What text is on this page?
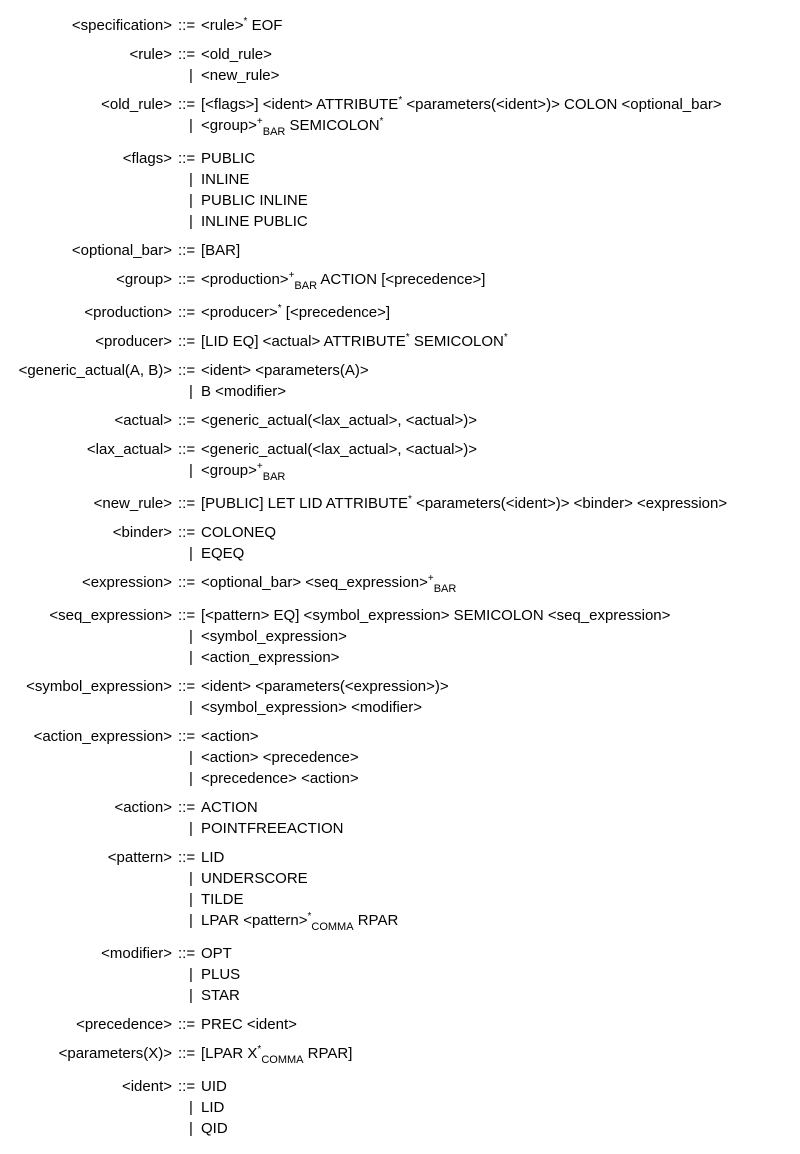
<specification> ::= <rule>* EOF
<rule> ::= <old_rule>
| <new_rule>
<old_rule> ::= [<flags>] <ident> ATTRIBUTE* <parameters(<ident>)> COLON <optional_bar>
| $<group>^+_{BAR}$ SEMICOLON*
<flags> ::= PUBLIC
| INLINE
| PUBLIC INLINE
| INLINE PUBLIC
<optional_bar> ::= [BAR]
<group> ::= $<production>^+_{BAR}$ ACTION [<precedence>]
<production> ::= <producer>* [<precedence>]
<producer> ::= [LID EQ] <actual> ATTRIBUTE* SEMICOLON*
<generic_actual(A, B)> ::= <ident> <parameters(A)>
| B <modifier>
<actual> ::= <generic_actual(<lax_actual>, <actual>)>
<lax_actual> ::= <generic_actual(<lax_actual>, <actual>)>
| $<group>^+_{BAR}$
<new_rule> ::= [PUBLIC] LET LID ATTRIBUTE* <parameters(<ident>)> <binder> <expression>
<binder> ::= COLONEQ
| EQEQ
<expression> ::= <optional_bar> $<seq\_expression>^+_{BAR}$
<seq_expression> ::= [<pattern> EQ] <symbol_expression> SEMICOLON <seq_expression>
| <symbol_expression>
| <action_expression>
<symbol_expression> ::= <ident> <parameters(<expression>)>
| <symbol_expression> <modifier>
<action_expression> ::= <action>
| <action> <precedence>
| <precedence> <action>
<action> ::= ACTION
| POINTFREEACTION
<pattern> ::= LID
| UNDERSCORE
| TILDE
| LPAR $<pattern>^*_{COMMA}$ RPAR
<modifier> ::= OPT
| PLUS
| STAR
<precedence> ::= PREC <ident>
<parameters(X)> ::= [LPAR $X^*_{COMMA}$ RPAR]
<ident> ::= UID
| LID
| QID
